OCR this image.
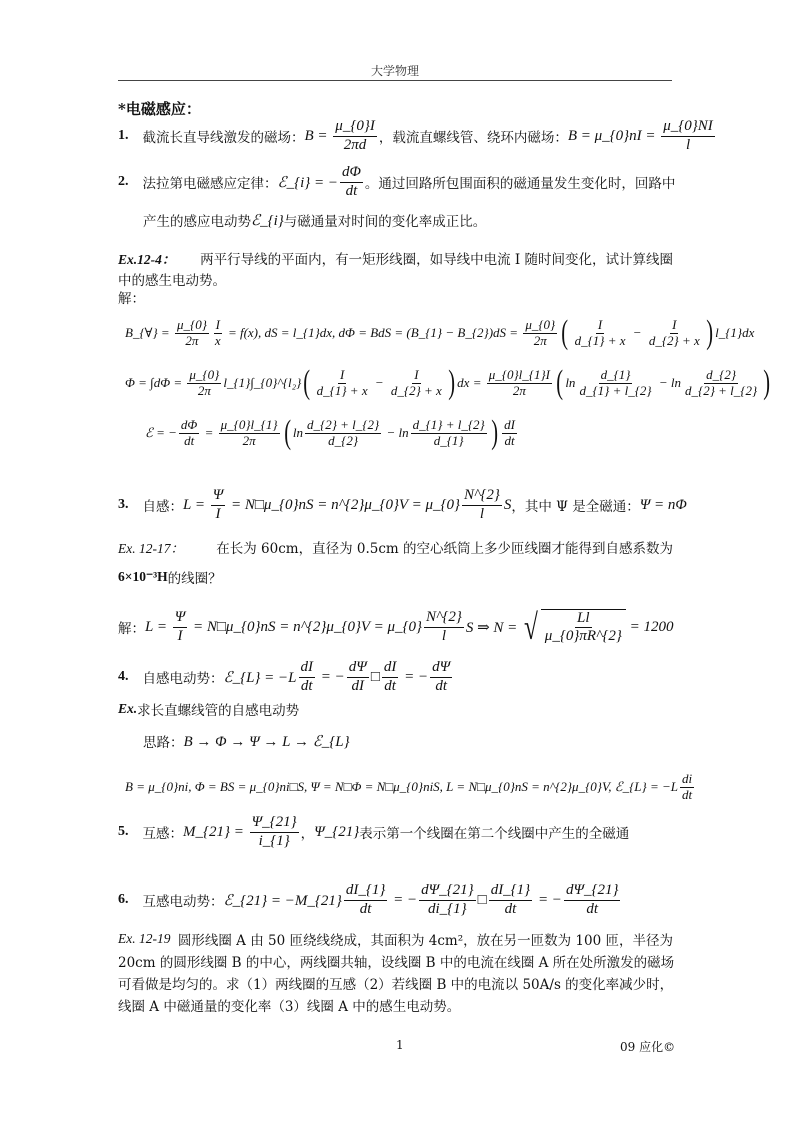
大学物理
*电磁感应：
1. 截流长直导线激发的磁场： $B = \frac{\mu\_\{0\}I}{2\pi d}$ ，载流直螺线管、绕环内磁场： B = μ_{0}nI = $\frac{\mu\_\{0\}NI}{l}$
2. 法拉第电磁感应定律： ℰ_{i} = − $\frac{d\Phi}{dt}$ 。通过回路所包围面积的磁通量发生变化时，回路中
产生的感应电动势 ℰ_{i} 与磁通量对时间的变化率成正比。
Ex.12-4： 两平行导线的平面内，有一矩形线圈，如导线中电流 I 随时间变化，试计算线圈
中的感生电动势。
解：
B_{∀} = $\frac{\mu\_\{0\}}{2\pi} \frac{I}{x} = f(x)$, dS = l_{1}dx, dΦ = BdS = (B_{1} − B_{2})dS = $\frac{\mu\_\{0\}}{2\pi}$ ( $\frac{I}{d\_\{1\} + x} - \frac{I}{d\_\{2\} + x}$ ) l_{1}dx
$\Phi = \int d\Phi = \frac{\mu\_\{0\}}{2\pi}$ l_{1}∫_{0}^{l₂} ( $\frac{I}{d\_\{1\} + x} - \frac{I}{d\_\{2\} + x}$ ) dx = $\frac{\mu\_\{0\}l\_\{1\}I}{2\pi}$ ( $\ln \frac{d\_\{1\}}{d\_\{1\} + l\_\{2\}} - \ln \frac{d\_\{2\}}{d\_\{2\} + l\_\{2\}}$ )
ℰ = − $\frac{d\Phi}{dt} = \frac{\mu\_\{0\}l\_\{1\}}{2\pi}$ ( $\ln \frac{d\_\{2\} + l\_\{2\}}{d\_\{2\}} - \ln \frac{d\_\{1\} + l\_\{2\}}{d\_\{1\}}$ ) $\frac{dI}{dt}$
3. 自感： $L = \frac{\Psi}{I}$ = N□μ_{0}nS = n^{2}μ_{0}V = μ_{0} $\frac{N\^{}\{2\}}{l}$ S ，其中 Ψ 是全磁通： Ψ = nΦ
Ex. 12-17： 在长为 60cm，直径为 0.5cm 的空心纸筒上多少匝线圈才能得到自感系数为
6×10⁻³H 的线圈？
解： $L = \frac{\Psi}{I}$ = N□μ_{0}nS = n^{2}μ_{0}V = μ_{0} $\frac{N\^{}\{2\}}{l}$ S ⇒ N = √ $\frac{Ll}{\mu\_\{0\}\pi R\^{}\{2\}} = 1200$
4. 自感电动势： ℰ_{L} = $-L \frac{dI}{dt}$ = − $\frac{d\Psi}{dI}$ □ $\frac{dI}{dt}$ = − $\frac{d\Psi}{dt}$
Ex. 求长直螺线管的自感电动势
思路： B → Φ → Ψ → L → ℰ_{L}
B = μ_{0}ni, Φ = BS = μ_{0}ni□S, Ψ = N□Φ = N□μ_{0}niS, L = N□μ_{0}nS = n^{2}μ_{0}V, ℰ_{L} = $-L \frac{di}{dt}$
5. 互感： M_{21} = $\frac{\Psi\_\{21\}}{i\_\{1\}}$ ， Ψ_{21} 表示第一个线圈在第二个线圈中产生的全磁通
6. 互感电动势： ℰ_{21} = −M_{21} $\frac{dI\_\{1\}}{dt}$ = − $\frac{d\Psi\_\{21\}}{di\_\{1\}}$ □ $\frac{dI\_\{1\}}{dt}$ = − $\frac{d\Psi\_\{21\}}{dt}$
Ex. 12-19 圆形线圈 A 由 50 匝绕线绕成，其面积为 4cm²，放在另一匝数为 100 匝，半径为
20cm 的圆形线圈 B 的中心，两线圈共轴，设线圈 B 中的电流在线圈 A 所在处所激发的磁场
可看做是均匀的。求（1）两线圈的互感（2）若线圈 B 中的电流以 50A/s 的变化率减少时，
线圈 A 中磁通量的变化率（3）线圈 A 中的感生电动势。
1	09 应化©
